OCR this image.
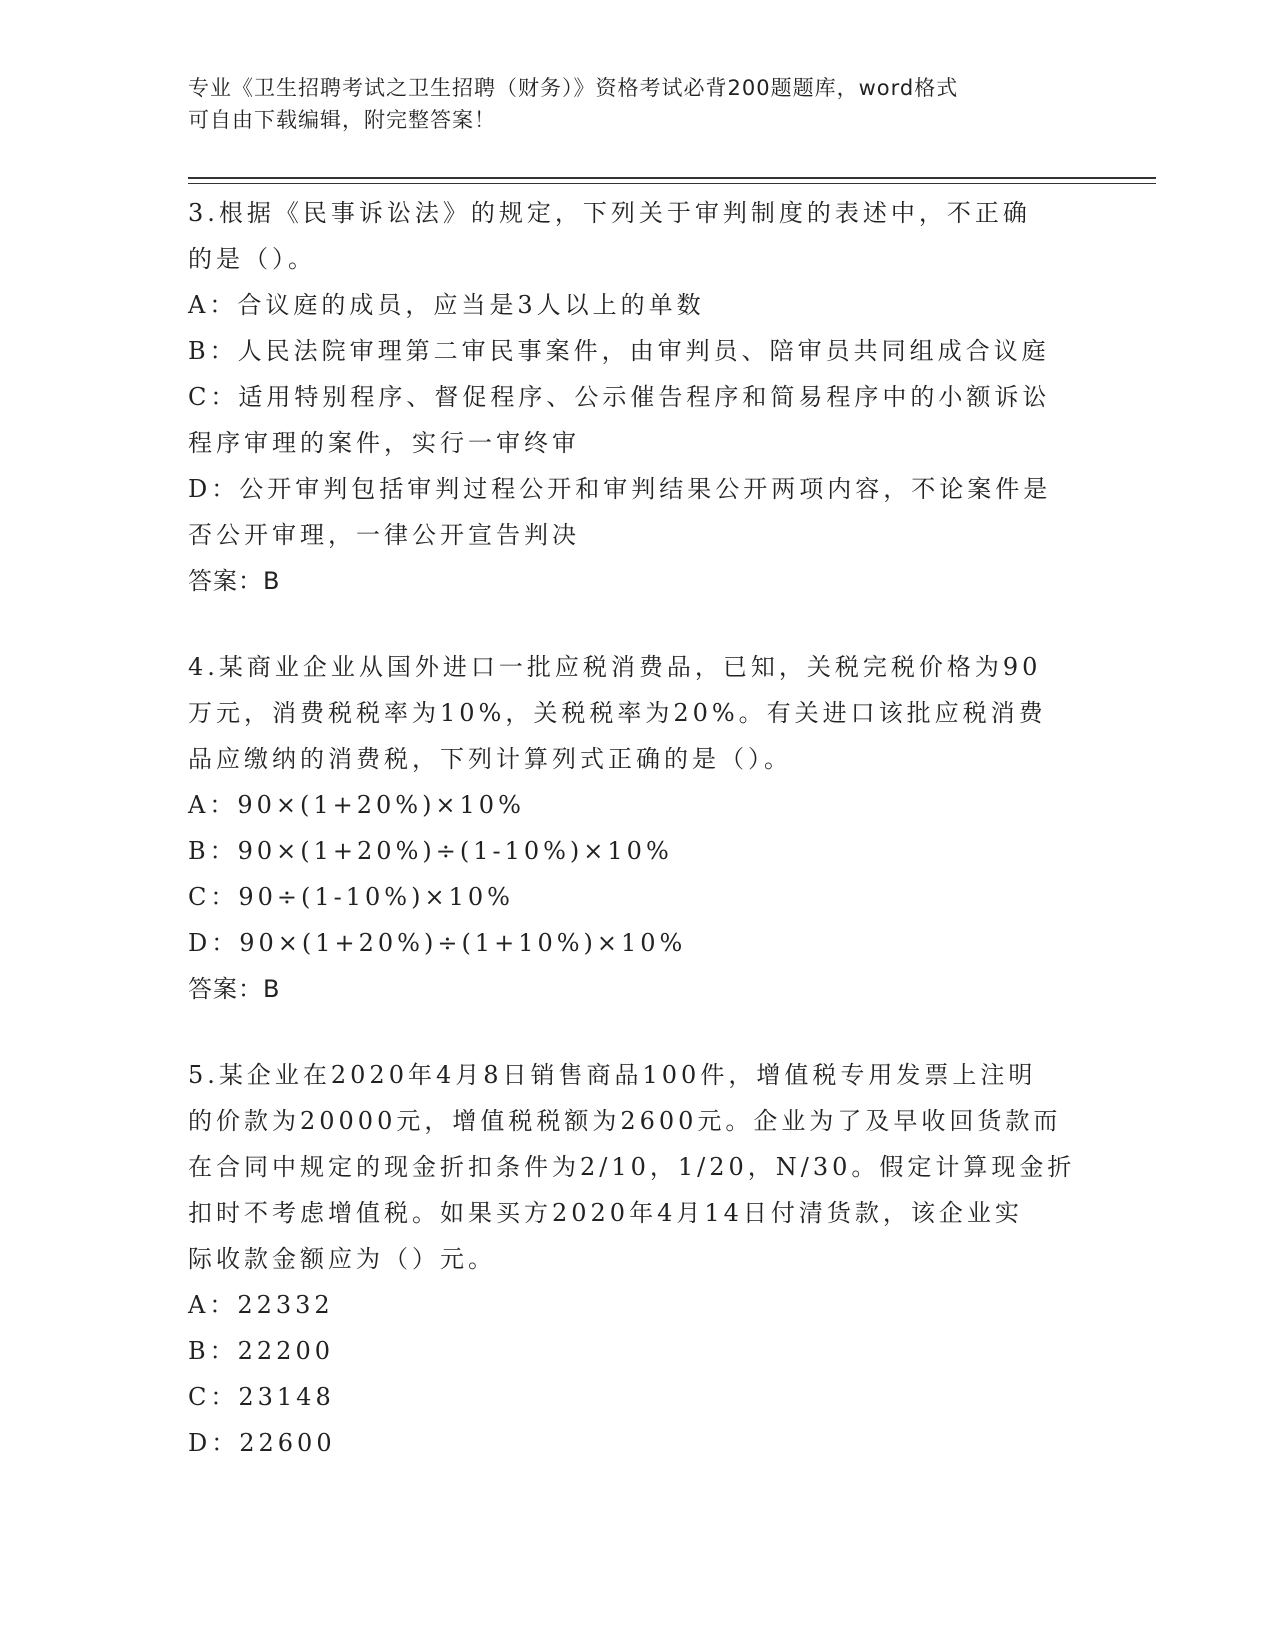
专业《卫生招聘考试之卫生招聘（财务）》资格考试必背200题题库，word格式

可自由下载编辑，附完整答案！

3.根据《民事诉讼法》的规定，下列关于审判制度的表述中，不正确

的是（）。

A：合议庭的成员，应当是3人以上的单数

B：人民法院审理第二审民事案件，由审判员、陪审员共同组成合议庭

C：适用特别程序、督促程序、公示催告程序和简易程序中的小额诉讼

程序审理的案件，实行一审终审

D：公开审判包括审判过程公开和审判结果公开两项内容，不论案件是

否公开审理，一律公开宣告判决

答案：B

4.某商业企业从国外进口一批应税消费品，已知，关税完税价格为90

万元，消费税税率为10%，关税税率为20%。有关进口该批应税消费

品应缴纳的消费税，下列计算列式正确的是（）。

A：90×(1+20%)×10%

B：90×(1+20%)÷(1-10%)×10%

C：90÷(1-10%)×10%

D：90×(1+20%)÷(1+10%)×10%

答案：B

5.某企业在2020年4月8日销售商品100件，增值税专用发票上注明

的价款为20000元，增值税税额为2600元。企业为了及早收回货款而

在合同中规定的现金折扣条件为2/10，1/20，N/30。假定计算现金折

扣时不考虑增值税。如果买方2020年4月14日付清货款，该企业实

际收款金额应为（）元。

A：22332

B：22200

C：23148

D：22600
